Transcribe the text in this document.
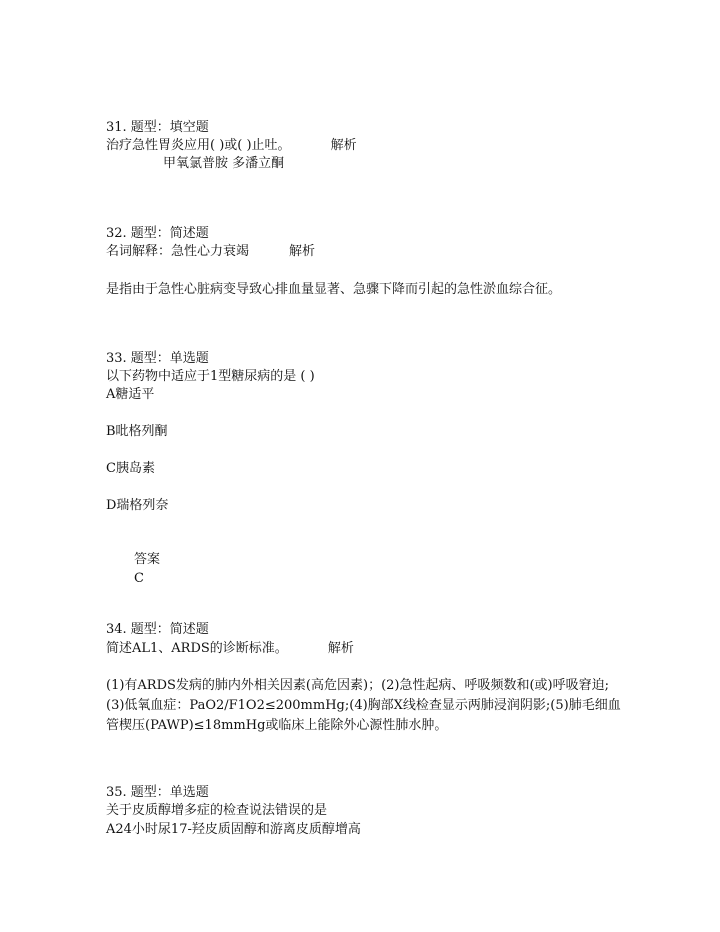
31. 题型：填空题
治疗急性胃炎应用( )或( )止吐。	解析
甲氧氯普胺 多潘立酮
32. 题型：简述题
名词解释：急性心力衰竭	解析
是指由于急性心脏病变导致心排血量显著、急骤下降而引起的急性淤血综合征。
33. 题型：单选题
以下药物中适应于1型糖尿病的是 ( )
A糖适平
B吡格列酮
C胰岛素
D瑞格列奈
答案
C
34. 题型：简述题
简述AL1、ARDS的诊断标准。	解析
(1)有ARDS发病的肺内外相关因素(高危因素)；(2)急性起病、呼吸频数和(或)呼吸窘迫;(3)低氧血症：PaO2/F1O2≤200mmHg;(4)胸部X线检查显示两肺浸润阴影;(5)肺毛细血管楔压(PAWP)≤18mmHg或临床上能除外心源性肺水肿。
35. 题型：单选题
关于皮质醇增多症的检查说法错误的是
A24小时尿17-羟皮质固醇和游离皮质醇增高
